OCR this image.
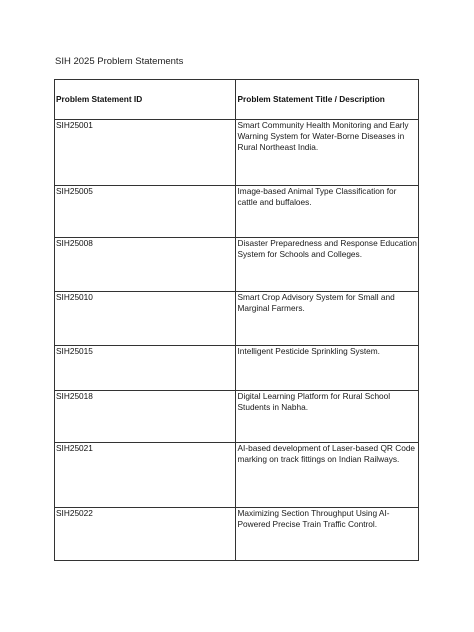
SIH 2025 Problem Statements
Problem Statement ID	Problem Statement Title / Description
SIH25001	Smart Community Health Monitoring and Early Warning System for Water-Borne Diseases in Rural Northeast India.
SIH25005	Image-based Animal Type Classification for cattle and buffaloes.
SIH25008	Disaster Preparedness and Response Education System for Schools and Colleges.
SIH25010	Smart Crop Advisory System for Small and Marginal Farmers.
SIH25015	Intelligent Pesticide Sprinkling System.
SIH25018	Digital Learning Platform for Rural School Students in Nabha.
SIH25021	AI-based development of Laser-based QR Code marking on track fittings on Indian Railways.
SIH25022	Maximizing Section Throughput Using AI-Powered Precise Train Traffic Control.
